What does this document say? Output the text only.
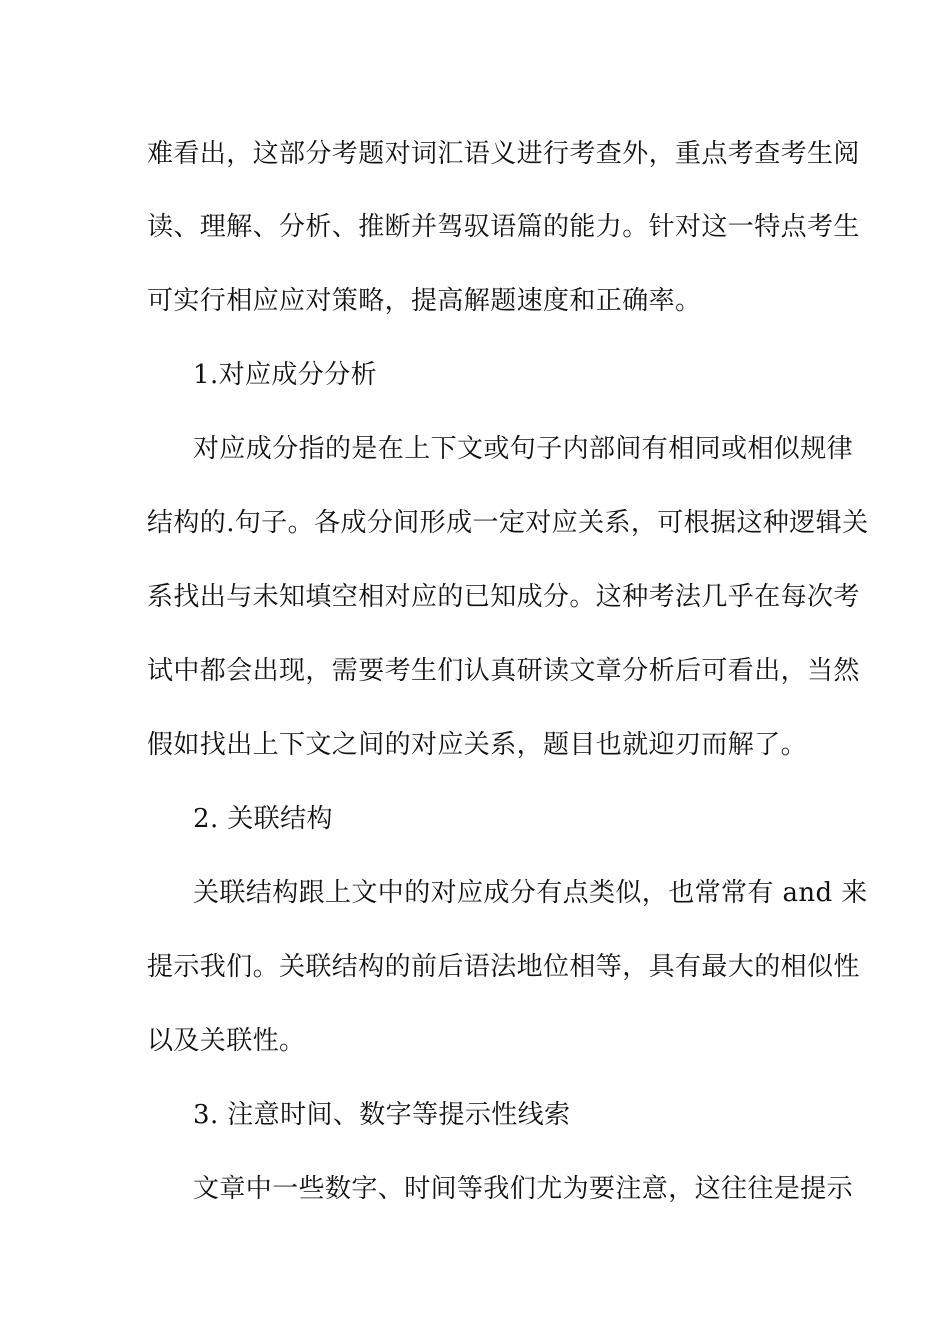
难看出，这部分考题对词汇语义进行考查外，重点考查考生阅
读、理解、分析、推断并驾驭语篇的能力。针对这一特点考生
可实行相应应对策略，提高解题速度和正确率。
1.对应成分分析
对应成分指的是在上下文或句子内部间有相同或相似规律
结构的.句子。各成分间形成一定对应关系，可根据这种逻辑关
系找出与未知填空相对应的已知成分。这种考法几乎在每次考
试中都会出现，需要考生们认真研读文章分析后可看出，当然
假如找出上下文之间的对应关系，题目也就迎刃而解了。
2. 关联结构
关联结构跟上文中的对应成分有点类似，也常常有 and 来
提示我们。关联结构的前后语法地位相等，具有最大的相似性
以及关联性。
3. 注意时间、数字等提示性线索
文章中一些数字、时间等我们尤为要注意，这往往是提示
